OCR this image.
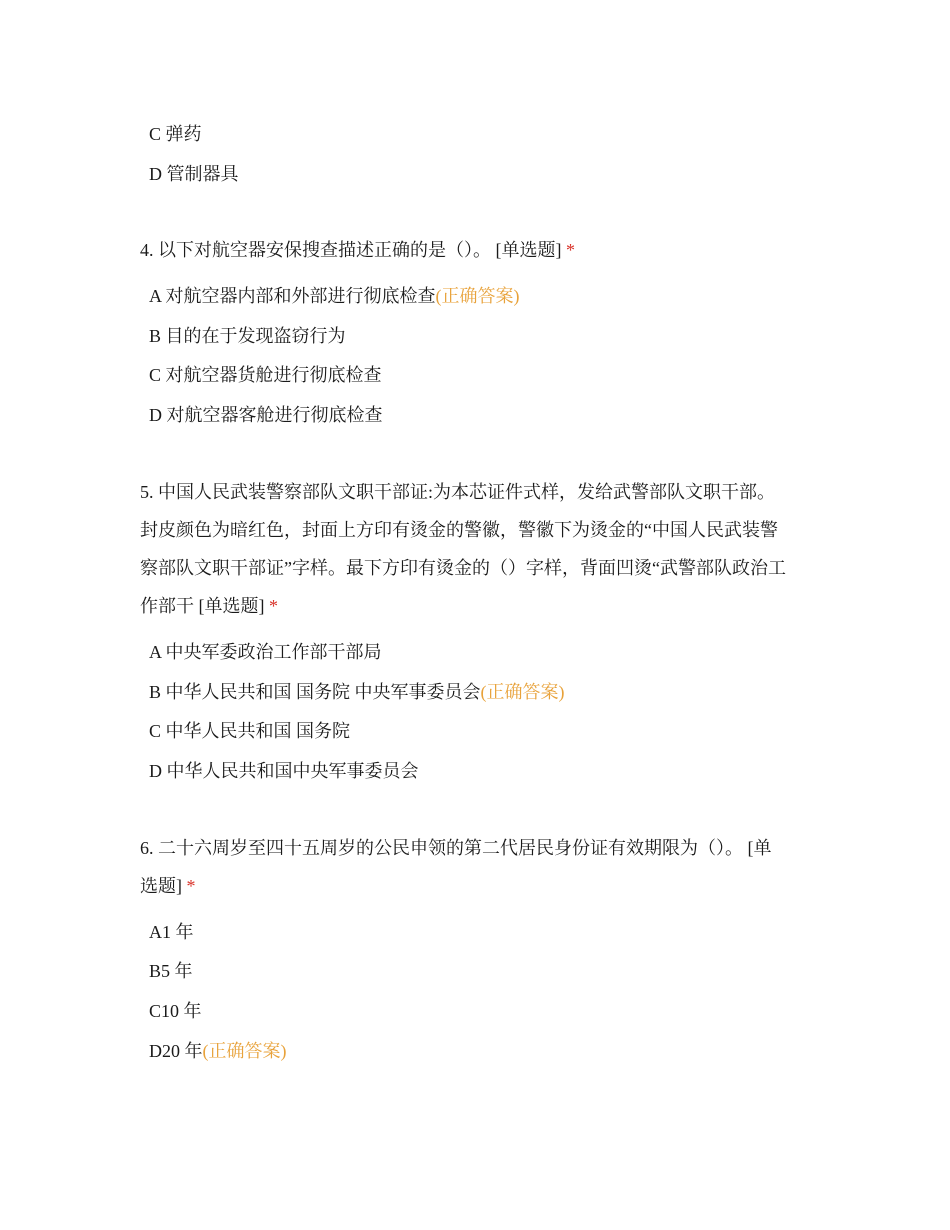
C 弹药
D 管制器具
4. 以下对航空器安保搜查描述正确的是（）。 [单选题] *
A 对航空器内部和外部进行彻底检查(正确答案)
B 目的在于发现盗窃行为
C 对航空器货舱进行彻底检查
D 对航空器客舱进行彻底检查
5. 中国人民武装警察部队文职干部证:为本芯证件式样，发给武警部队文职干部。
封皮颜色为暗红色，封面上方印有烫金的警徽，警徽下为烫金的“中国人民武装警
察部队文职干部证”字样。最下方印有烫金的（）字样，背面凹烫“武警部队政治工
作部干 [单选题] *
A 中央军委政治工作部干部局
B 中华人民共和国 国务院 中央军事委员会(正确答案)
C 中华人民共和国 国务院
D 中华人民共和国中央军事委员会
6. 二十六周岁至四十五周岁的公民申领的第二代居民身份证有效期限为（）。 [单
选题] *
A1 年
B5 年
C10 年
D20 年(正确答案)
